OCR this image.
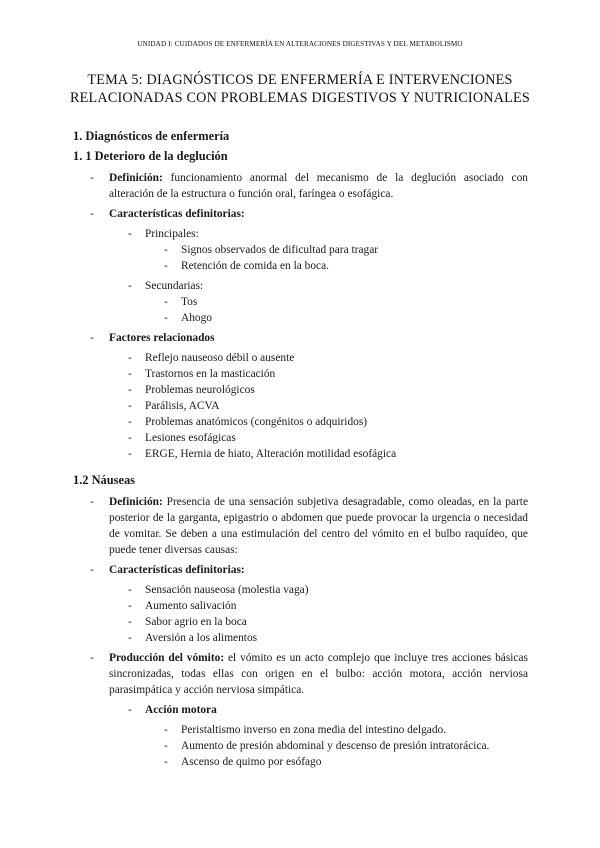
UNIDAD I: CUIDADOS DE ENFERMERÍA EN ALTERACIONES DIGESTIVAS Y DEL METABOLISMO
TEMA 5: DIAGNÓSTICOS DE ENFERMERÍA E INTERVENCIONES
RELACIONADAS CON PROBLEMAS DIGESTIVOS Y NUTRICIONALES
1. Diagnósticos de enfermería
1. 1 Deterioro de la deglución
- Definición: funcionamiento anormal del mecanismo de la deglución asociado con alteración de la estructura o función oral, faríngea o esofágica.
- Características definitorias:
- Principales:
- Signos observados de dificultad para tragar
- Retención de comida en la boca.
- Secundarias:
- Tos
- Ahogo
- Factores relacionados
- Reflejo nauseoso débil o ausente
- Trastornos en la masticación
- Problemas neurológicos
- Parálisis, ACVA
- Problemas anatómicos (congénitos o adquiridos)
- Lesiones esofágicas
- ERGE, Hernia de hiato, Alteración motilidad esofágica
1.2 Náuseas
- Definición: Presencia de una sensación subjetiva desagradable, como oleadas, en la parte posterior de la garganta, epigastrio o abdomen que puede provocar la urgencia o necesidad de vomitar. Se deben a una estimulación del centro del vómito en el bulbo raquídeo, que puede tener diversas causas:
- Características definitorias:
- Sensación nauseosa (molestia vaga)
- Aumento salivación
- Sabor agrio en la boca
- Aversión a los alimentos
- Producción del vómito: el vómito es un acto complejo que incluye tres acciones básicas sincronizadas, todas ellas con origen en el bulbo: acción motora, acción nerviosa parasimpática y acción nerviosa simpática.
- Acción motora
- Peristaltismo inverso en zona media del intestino delgado.
- Aumento de presión abdominal y descenso de presión intratorácica.
- Ascenso de quimo por esófago
